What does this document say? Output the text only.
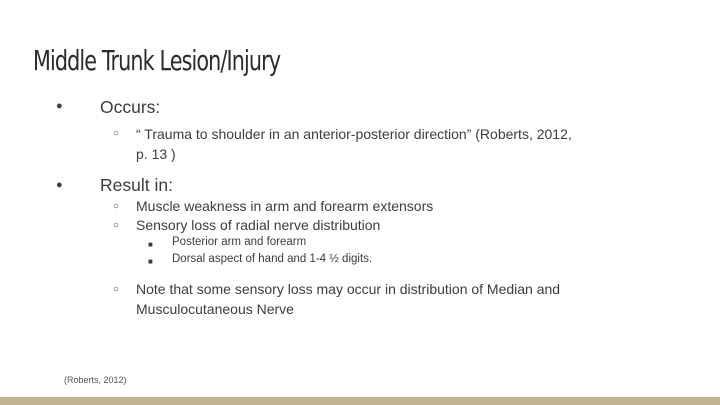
Middle Trunk Lesion/Injury
● Occurs:
○ “ Trauma to shoulder in an anterior-posterior direction” (Roberts, 2012, p. 13 )
● Result in:
○ Muscle weakness in arm and forearm extensors
○ Sensory loss of radial nerve distribution
■ Posterior arm and forearm
■ Dorsal aspect of hand and 1-4 ½ digits.
○ Note that some sensory loss may occur in distribution of Median and Musculocutaneous Nerve
(Roberts, 2012)
